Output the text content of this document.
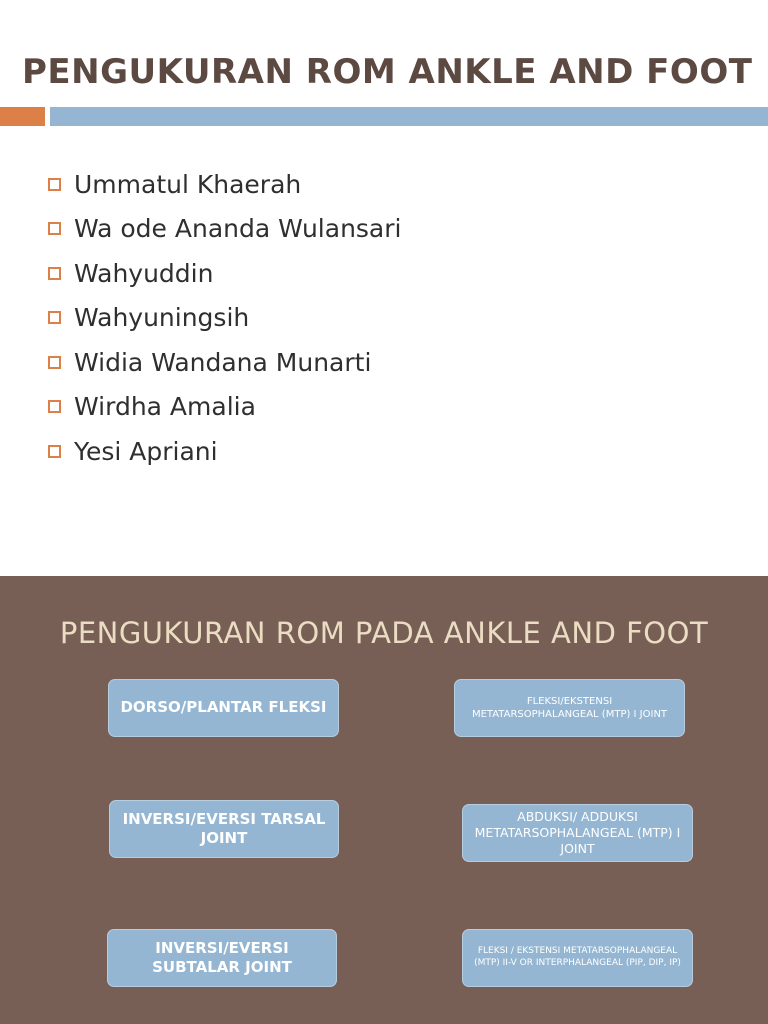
PENGUKURAN ROM ANKLE AND FOOT
Ummatul Khaerah
Wa ode Ananda Wulansari
Wahyuddin
Wahyuningsih
Widia Wandana Munarti
Wirdha Amalia
Yesi Apriani
PENGUKURAN ROM PADA ANKLE AND FOOT
DORSO/PLANTAR FLEKSI
INVERSI/EVERSI TARSAL JOINT
INVERSI/EVERSI SUBTALAR JOINT
FLEKSI/EKSTENSI METATARSOPHALANGEAL (MTP) I JOINT
ABDUKSI/ ADDUKSI METATARSOPHALANGEAL (MTP) I JOINT
FLEKSI / EKSTENSI METATARSOPHALANGEAL (MTP) II-V OR INTERPHALANGEAL (PIP, DIP, IP)
